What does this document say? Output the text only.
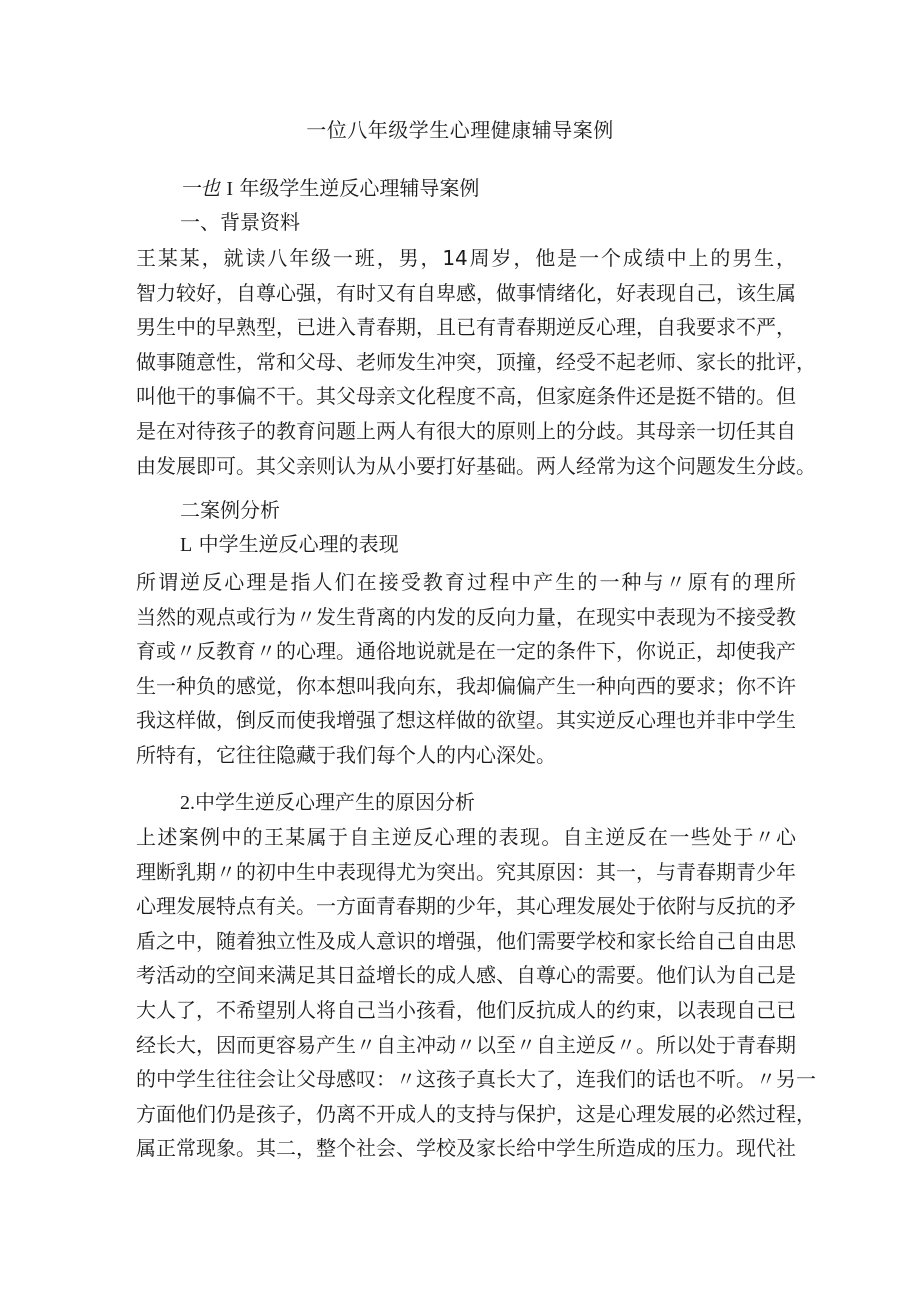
一位八年级学生心理健康辅导案例
一也 I 年级学生逆反心理辅导案例
一、背景资料
王某某，就读八年级一班，男，14周岁，他是一个成绩中上的男生，
智力较好，自尊心强，有时又有自卑感，做事情绪化，好表现自己，该生属
男生中的早熟型，已进入青春期，且已有青春期逆反心理，自我要求不严，
做事随意性，常和父母、老师发生冲突，顶撞，经受不起老师、家长的批评，
叫他干的事偏不干。其父母亲文化程度不高，但家庭条件还是挺不错的。但
是在对待孩子的教育问题上两人有很大的原则上的分歧。其母亲一切任其自
由发展即可。其父亲则认为从小要打好基础。两人经常为这个问题发生分歧。
二案例分析
L 中学生逆反心理的表现
所谓逆反心理是指人们在接受教育过程中产生的一种与〃原有的理所
当然的观点或行为〃发生背离的内发的反向力量，在现实中表现为不接受教
育或〃反教育〃的心理。通俗地说就是在一定的条件下，你说正，却使我产
生一种负的感觉，你本想叫我向东，我却偏偏产生一种向西的要求；你不许
我这样做，倒反而使我增强了想这样做的欲望。其实逆反心理也并非中学生
所特有，它往往隐藏于我们每个人的内心深处。
2.中学生逆反心理产生的原因分析
上述案例中的王某属于自主逆反心理的表现。自主逆反在一些处于〃心
理断乳期〃的初中生中表现得尤为突出。究其原因：其一，与青春期青少年
心理发展特点有关。一方面青春期的少年，其心理发展处于依附与反抗的矛
盾之中，随着独立性及成人意识的增强，他们需要学校和家长给自己自由思
考活动的空间来满足其日益增长的成人感、自尊心的需要。他们认为自己是
大人了，不希望别人将自己当小孩看，他们反抗成人的约束，以表现自己已
经长大，因而更容易产生〃自主冲动〃以至〃自主逆反〃。所以处于青春期
的中学生往往会让父母感叹：〃这孩子真长大了，连我们的话也不听。〃另一
方面他们仍是孩子，仍离不开成人的支持与保护，这是心理发展的必然过程，
属正常现象。其二，整个社会、学校及家长给中学生所造成的压力。现代社
